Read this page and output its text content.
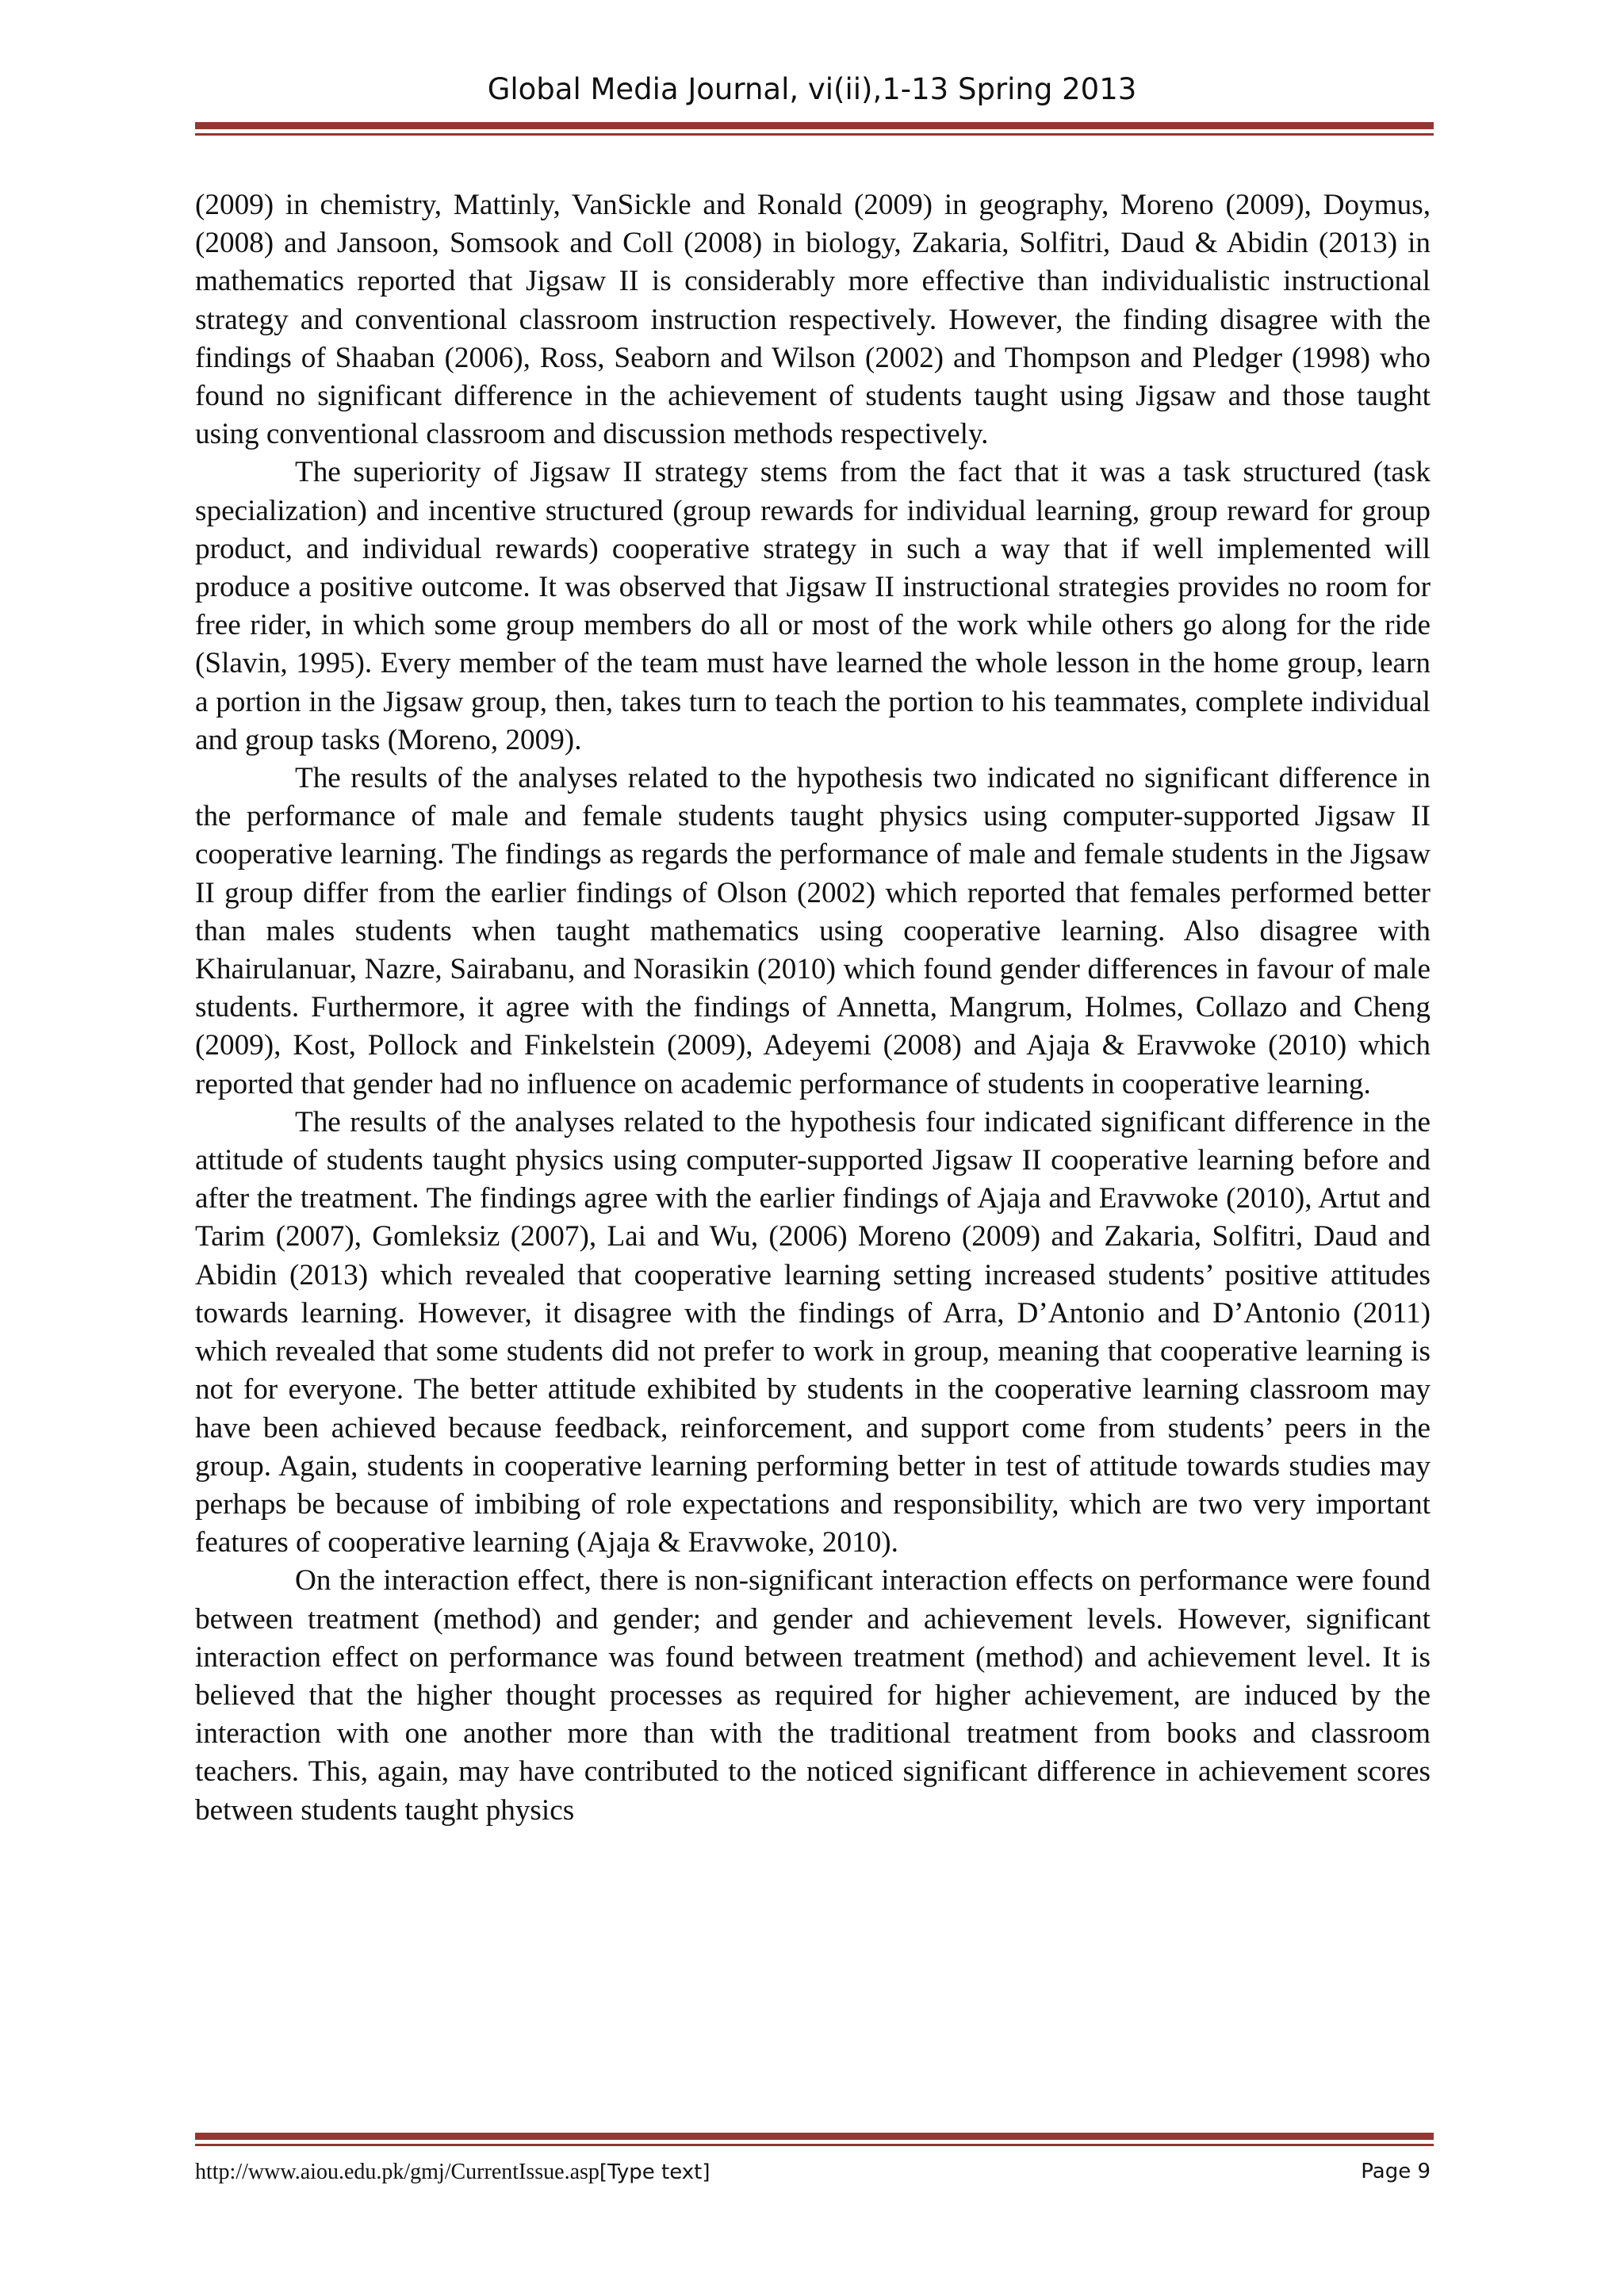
Global Media Journal, vi(ii),1-13 Spring 2013

(2009) in chemistry, Mattinly, VanSickle and Ronald (2009) in geography, Moreno (2009), Doymus, (2008) and Jansoon, Somsook and Coll (2008) in biology, Zakaria, Solfitri, Daud & Abidin (2013) in mathematics reported that Jigsaw II is considerably more effective than individualistic instructional strategy and conventional classroom instruction respectively. However, the finding disagree with the findings of Shaaban (2006), Ross, Seaborn and Wilson (2002) and Thompson and Pledger (1998) who found no significant difference in the achievement of students taught using Jigsaw and those taught using conventional classroom and discussion methods respectively.

The superiority of Jigsaw II strategy stems from the fact that it was a task structured (task specialization) and incentive structured (group rewards for individual learning, group reward for group product, and individual rewards) cooperative strategy in such a way that if well implemented will produce a positive outcome. It was observed that Jigsaw II instructional strategies provides no room for free rider, in which some group members do all or most of the work while others go along for the ride (Slavin, 1995). Every member of the team must have learned the whole lesson in the home group, learn a portion in the Jigsaw group, then, takes turn to teach the portion to his teammates, complete individual and group tasks (Moreno, 2009).

The results of the analyses related to the hypothesis two indicated no significant difference in the performance of male and female students taught physics using computer-supported Jigsaw II cooperative learning. The findings as regards the performance of male and female students in the Jigsaw II group differ from the earlier findings of Olson (2002) which reported that females performed better than males students when taught mathematics using cooperative learning. Also disagree with Khairulanuar, Nazre, Sairabanu, and Norasikin (2010) which found gender differences in favour of male students. Furthermore, it agree with the findings of Annetta, Mangrum, Holmes, Collazo and Cheng (2009), Kost, Pollock and Finkelstein (2009), Adeyemi (2008) and Ajaja & Eravwoke (2010) which reported that gender had no influence on academic performance of students in cooperative learning.

The results of the analyses related to the hypothesis four indicated significant difference in the attitude of students taught physics using computer-supported Jigsaw II cooperative learning before and after the treatment. The findings agree with the earlier findings of Ajaja and Eravwoke (2010), Artut and Tarim (2007), Gomleksiz (2007), Lai and Wu, (2006) Moreno (2009) and Zakaria, Solfitri, Daud and Abidin (2013) which revealed that cooperative learning setting increased students’ positive attitudes towards learning. However, it disagree with the findings of Arra, D’Antonio and D’Antonio (2011) which revealed that some students did not prefer to work in group, meaning that cooperative learning is not for everyone. The better attitude exhibited by students in the cooperative learning classroom may have been achieved because feedback, reinforcement, and support come from students’ peers in the group. Again, students in cooperative learning performing better in test of attitude towards studies may perhaps be because of imbibing of role expectations and responsibility, which are two very important features of cooperative learning (Ajaja & Eravwoke, 2010).

On the interaction effect, there is non-significant interaction effects on performance were found between treatment (method) and gender; and gender and achievement levels. However, significant interaction effect on performance was found between treatment (method) and achievement level. It is believed that the higher thought processes as required for higher achievement, are induced by the interaction with one another more than with the traditional treatment from books and classroom teachers. This, again, may have contributed to the noticed significant difference in achievement scores between students taught physics

http://www.aiou.edu.pk/gmj/CurrentIssue.asp[Type text]	Page 9
